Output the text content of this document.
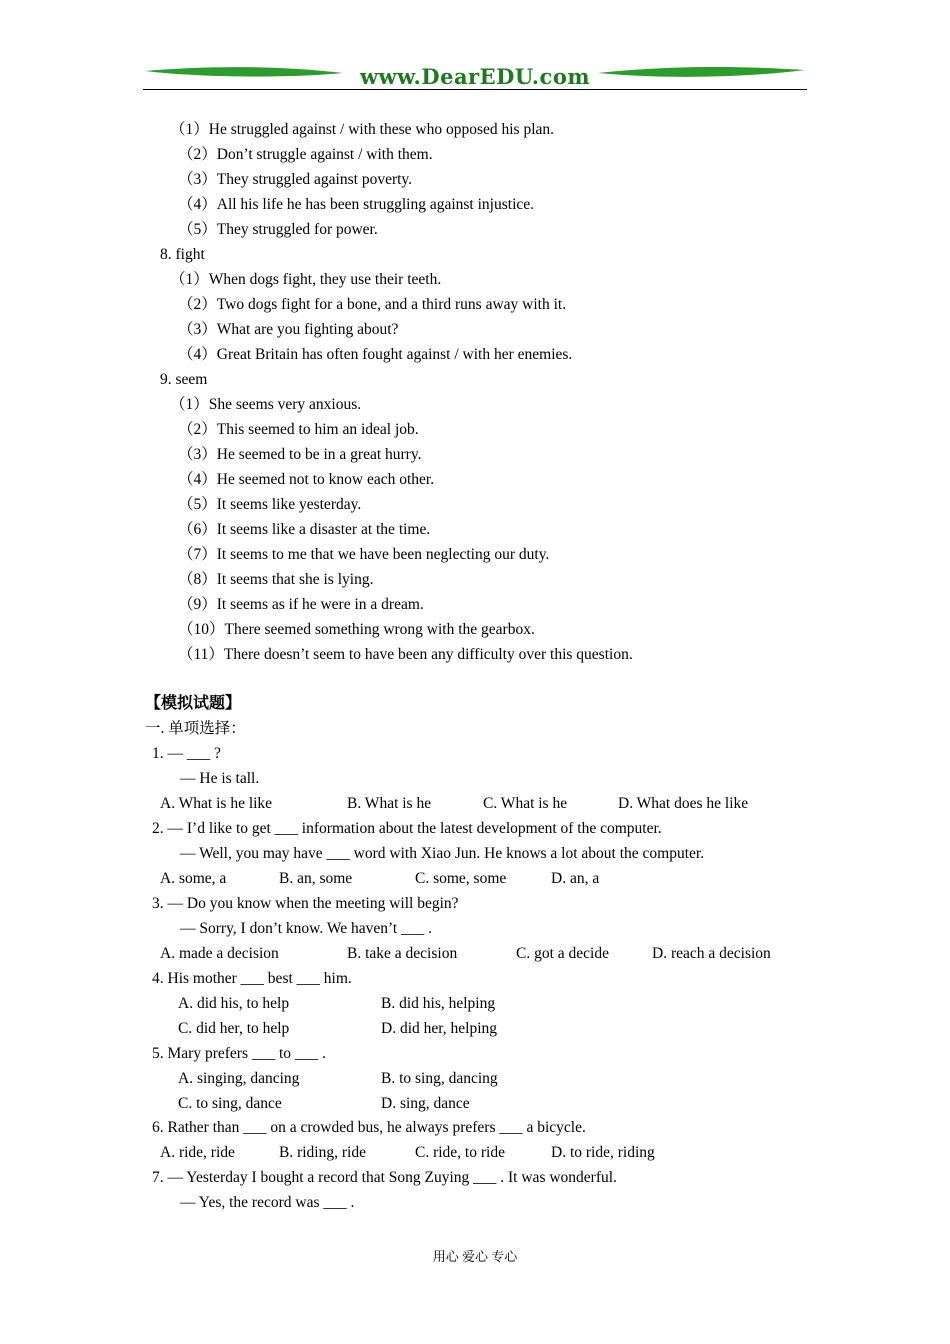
www.DearEDU.com
（1）He struggled against / with these who opposed his plan.
（2）Don’t struggle against / with them.
（3）They struggled against poverty.
（4）All his life he has been struggling against injustice.
（5）They struggled for power.
8. fight
（1）When dogs fight, they use their teeth.
（2）Two dogs fight for a bone, and a third runs away with it.
（3）What are you fighting about?
（4）Great Britain has often fought against / with her enemies.
9. seem
（1）She seems very anxious.
（2）This seemed to him an ideal job.
（3）He seemed to be in a great hurry.
（4）He seemed not to know each other.
（5）It seems like yesterday.
（6）It seems like a disaster at the time.
（7）It seems to me that we have been neglecting our duty.
（8）It seems that she is lying.
（9）It seems as if he were in a dream.
（10）There seemed something wrong with the gearbox.
（11）There doesn’t seem to have been any difficulty over this question.
【模拟试题】
一. 单项选择：
1. — ___ ?
— He is tall.
A. What is he like	B. What is he	C. What is he	D. What does he like
2. — I’d like to get ___ information about the latest development of the computer.
— Well, you may have ___ word with Xiao Jun. He knows a lot about the computer.
A. some, a	B. an, some	C. some, some	D. an, a
3. — Do you know when the meeting will begin?
— Sorry, I don’t know. We haven’t ___ .
A. made a decision	B. take a decision	C. got a decide	D. reach a decision
4. His mother ___ best ___ him.
A. did his, to help	B. did his, helping
C. did her, to help	D. did her, helping
5. Mary prefers ___ to ___ .
A. singing, dancing	B. to sing, dancing
C. to sing, dance	D. sing, dance
6. Rather than ___ on a crowded bus, he always prefers ___ a bicycle.
A. ride, ride	B. riding, ride	C. ride, to ride	D. to ride, riding
7. — Yesterday I bought a record that Song Zuying ___ . It was wonderful.
— Yes, the record was ___ .
用心 爱心 专心
